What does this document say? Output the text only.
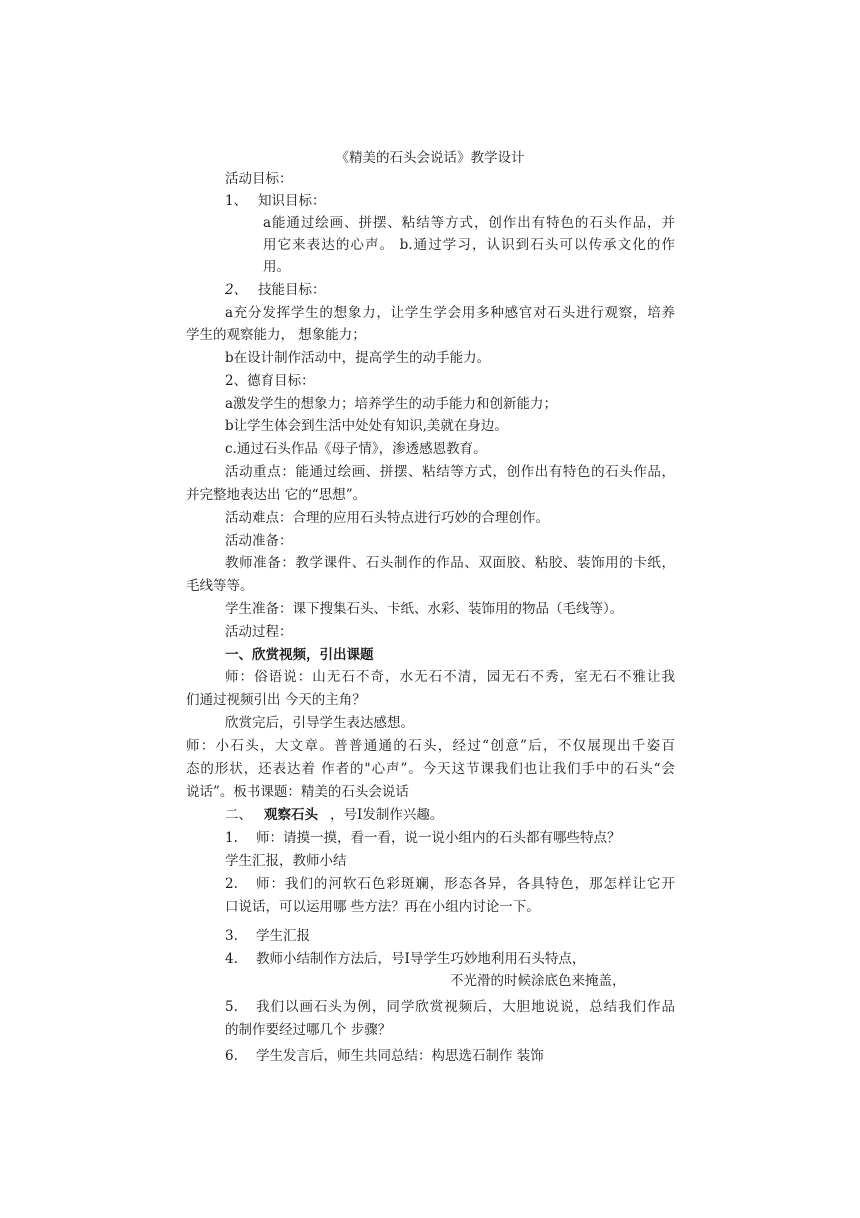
《精美的石头会说话》教学设计
活动目标：
1、 知识目标：
a能通过绘画、拼摆、粘结等方式，创作出有特色的石头作品，并
用它来表达的心声。 b.通过学习，认识到石头可以传承文化的作
用。
2、 技能目标：
a充分发挥学生的想象力，让学生学会用多种感官对石头进行观察，培养
学生的观察能力， 想象能力；
b在设计制作活动中，提高学生的动手能力。
2、德育目标：
a激发学生的想象力；培养学生的动手能力和创新能力；
b让学生体会到生活中处处有知识,美就在身边。
c.通过石头作品《母子情》，渗透感恩教育。
活动重点：能通过绘画、拼摆、粘结等方式，创作出有特色的石头作品，
并完整地表达出 它的“思想”。
活动难点：合理的应用石头特点进行巧妙的合理创作。
活动准备：
教师准备：教学课件、石头制作的作品、双面胶、粘胶、装饰用的卡纸，
毛线等等。
学生准备：课下搜集石头、卡纸、水彩、装饰用的物品（毛线等）。
活动过程：
一、欣赏视频，引出课题
师：俗语说：山无石不奇，水无石不清，园无石不秀，室无石不雅让我
们通过视频引出 今天的主角？
欣赏完后，引导学生表达感想。
师：小石头，大文章。普普通通的石头，经过“创意”后，不仅展现出千姿百
态的形状，还表达着 作者的"心声”。今天这节课我们也让我们手中的石头“会
说话”。板书课题：精美的石头会说话
二、 观察石头 ，号I发制作兴趣。
1. 师：请摸一摸，看一看，说一说小组内的石头都有哪些特点？
学生汇报，教师小结
2. 师：我们的河软石色彩斑斓，形态各异，各具特色，那怎样让它开
口说话，可以运用哪 些方法？再在小组内讨论一下。
3. 学生汇报
4. 教师小结制作方法后，号I导学生巧妙地利用石头特点，
不光滑的时候涂底色来掩盖，
5. 我们以画石头为例，同学欣赏视频后，大胆地说说，总结我们作品
的制作要经过哪几个 步骤？
6. 学生发言后，师生共同总结：构思选石制作 装饰
